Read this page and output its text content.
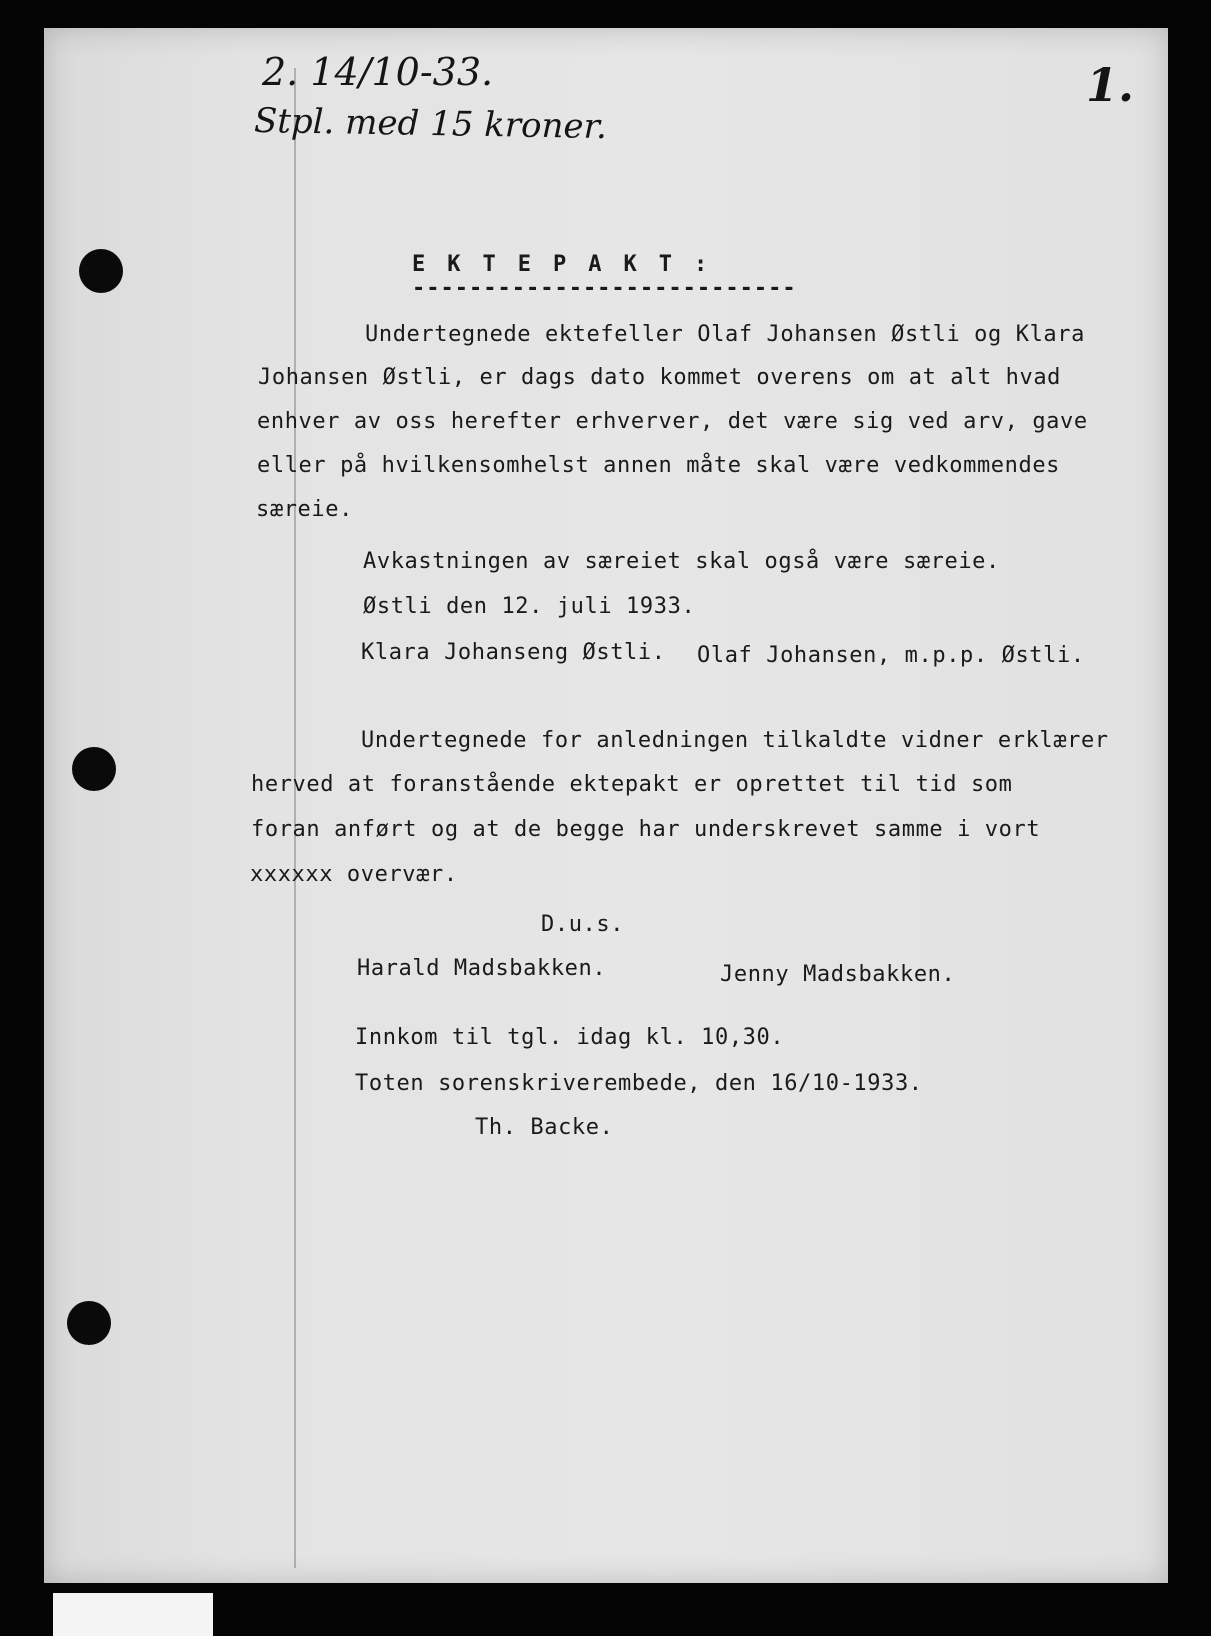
2. 14/10-33.
Stpl. med 15 kroner.
1.
EKTEPAKT:
---------------------------
Undertegnede ektefeller Olaf Johansen Østli og Klara
Johansen Østli, er dags dato kommet overens om at alt hvad
enhver av oss herefter erhverver, det være sig ved arv, gave
eller på hvilkensomhelst annen måte skal være vedkommendes
særeie.
Avkastningen av særeiet skal også være særeie.
Østli den 12. juli 1933.
Klara Johanseng Østli. Olaf Johansen, m.p.p. Østli.
Undertegnede for anledningen tilkaldte vidner erklærer
herved at foranstående ektepakt er oprettet til tid som
foran anført og at de begge har underskrevet samme i vort
xxxxxx overvær.
D.u.s.
Harald Madsbakken.	Jenny Madsbakken.
Innkom til tgl. idag kl. 10,30.
Toten sorenskriverembede, den 16/10-1933.
Th. Backe.
